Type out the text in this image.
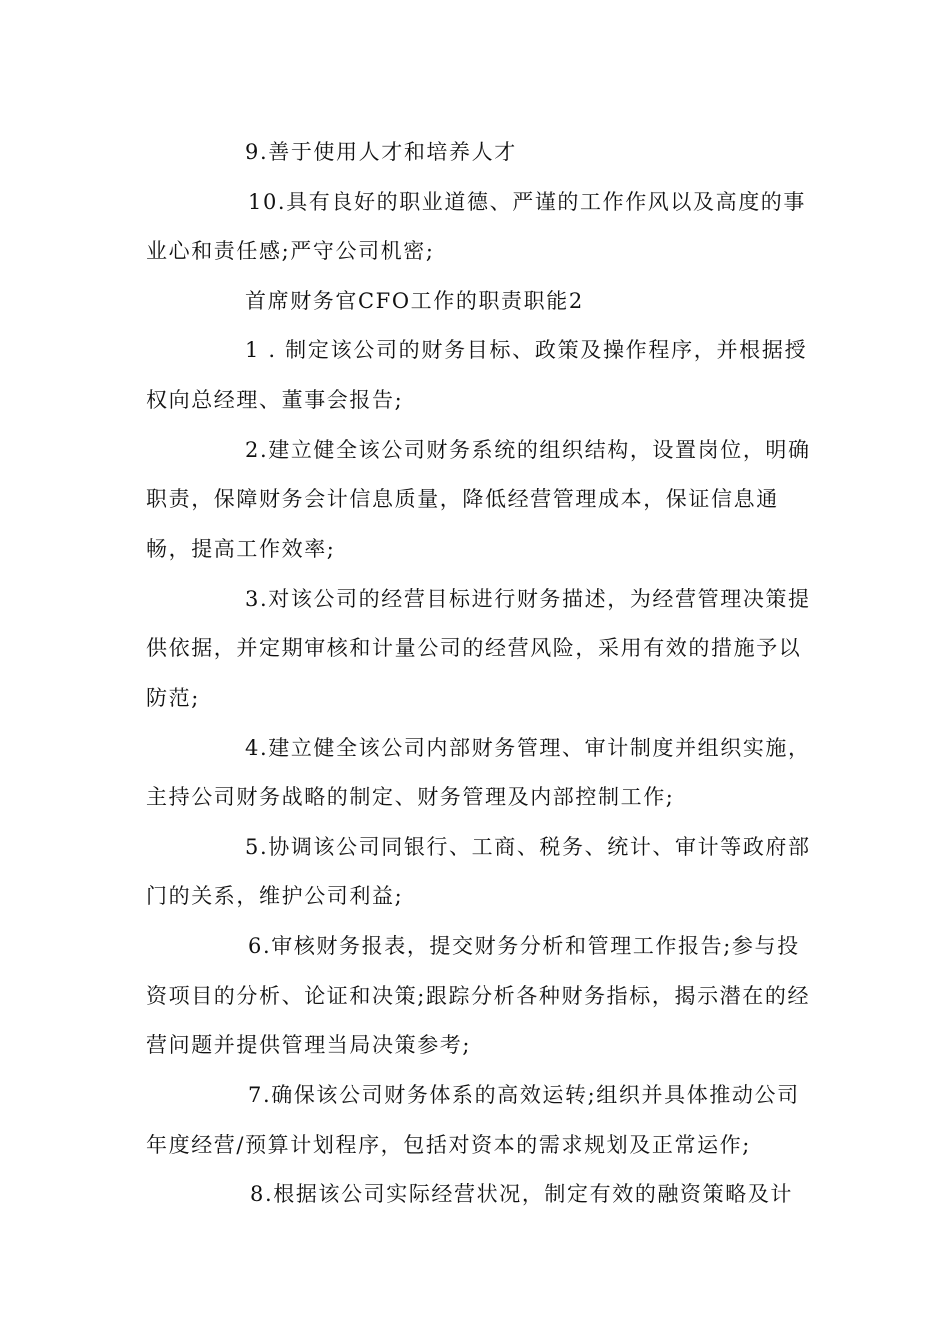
9.善于使用人才和培养人才
10.具有良好的职业道德、严谨的工作作风以及高度的事
业心和责任感;严守公司机密;
首席财务官CFO工作的职责职能2
1 . 制定该公司的财务目标、政策及操作程序，并根据授
权向总经理、董事会报告;
2.建立健全该公司财务系统的组织结构，设置岗位，明确
职责，保障财务会计信息质量，降低经营管理成本，保证信息通
畅，提高工作效率;
3.对该公司的经营目标进行财务描述，为经营管理决策提
供依据，并定期审核和计量公司的经营风险，采用有效的措施予以
防范;
4.建立健全该公司内部财务管理、审计制度并组织实施，
主持公司财务战略的制定、财务管理及内部控制工作;
5.协调该公司同银行、工商、税务、统计、审计等政府部
门的关系，维护公司利益;
6.审核财务报表，提交财务分析和管理工作报告;参与投
资项目的分析、论证和决策;跟踪分析各种财务指标，揭示潜在的经
营问题并提供管理当局决策参考;
7.确保该公司财务体系的高效运转;组织并具体推动公司
年度经营/预算计划程序，包括对资本的需求规划及正常运作;
8.根据该公司实际经营状况，制定有效的融资策略及计
